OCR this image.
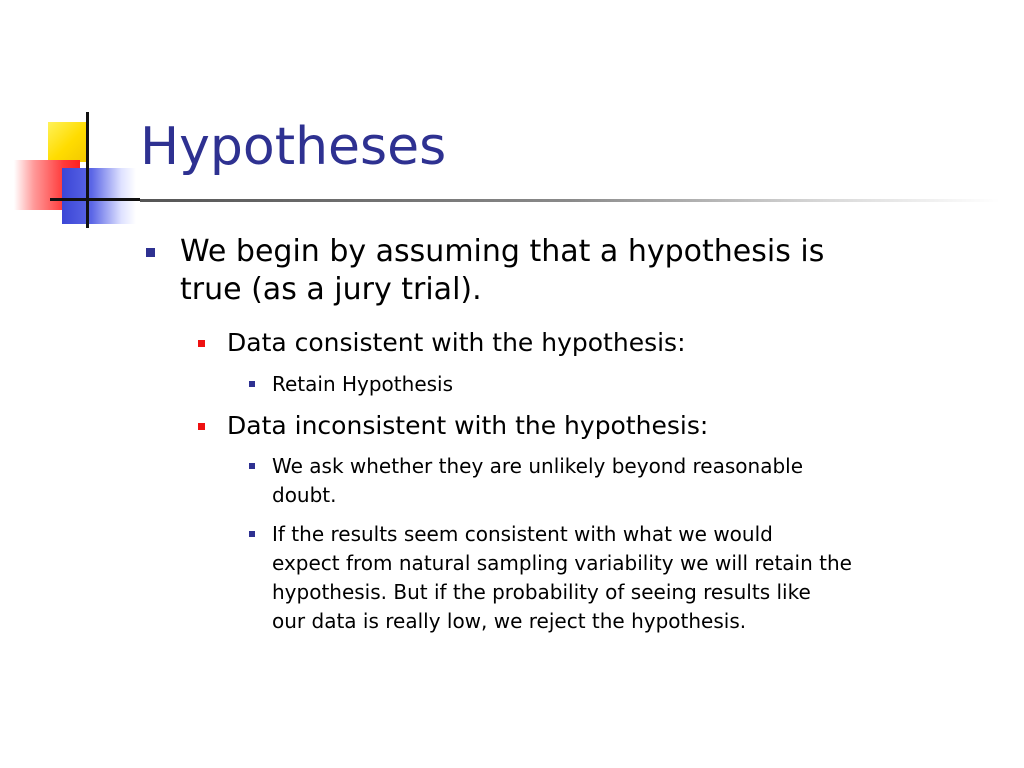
Hypotheses
We begin by assuming that a hypothesis is
true (as a jury trial).
Data consistent with the hypothesis:
Retain Hypothesis
Data inconsistent with the hypothesis:
We ask whether they are unlikely beyond reasonable
doubt.
If the results seem consistent with what we would
expect from natural sampling variability we will retain the
hypothesis. But if the probability of seeing results like
our data is really low, we reject the hypothesis.
